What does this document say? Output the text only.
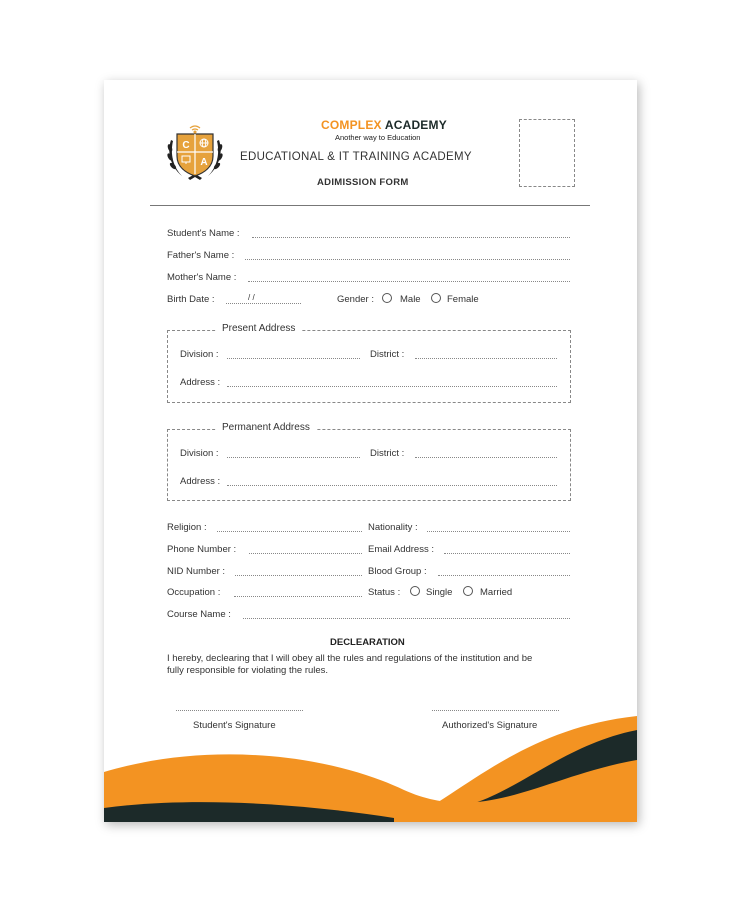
C
A
COMPLEX ACADEMY
Another way to Education
EDUCATIONAL & IT TRAINING ACADEMY
ADIMISSION FORM
Student's Name :
Father's Name :
Mother's Name :
Birth Date :	/ /	Gender :	Male	Female
Present Address
Division :	District :
Address :
Permanent Address
Division :	District :
Address :
Religion :	Nationality :
Phone Number :	Email Address :
NID Number :	Blood Group :
Occupation :	Status :	Single	Married
Course Name :
DECLEARATION
I hereby, declearing that I will obey all the rules and regulations of the institution and be
fully responsible for violating the rules.
Student's Signature	Authorized's Signature
